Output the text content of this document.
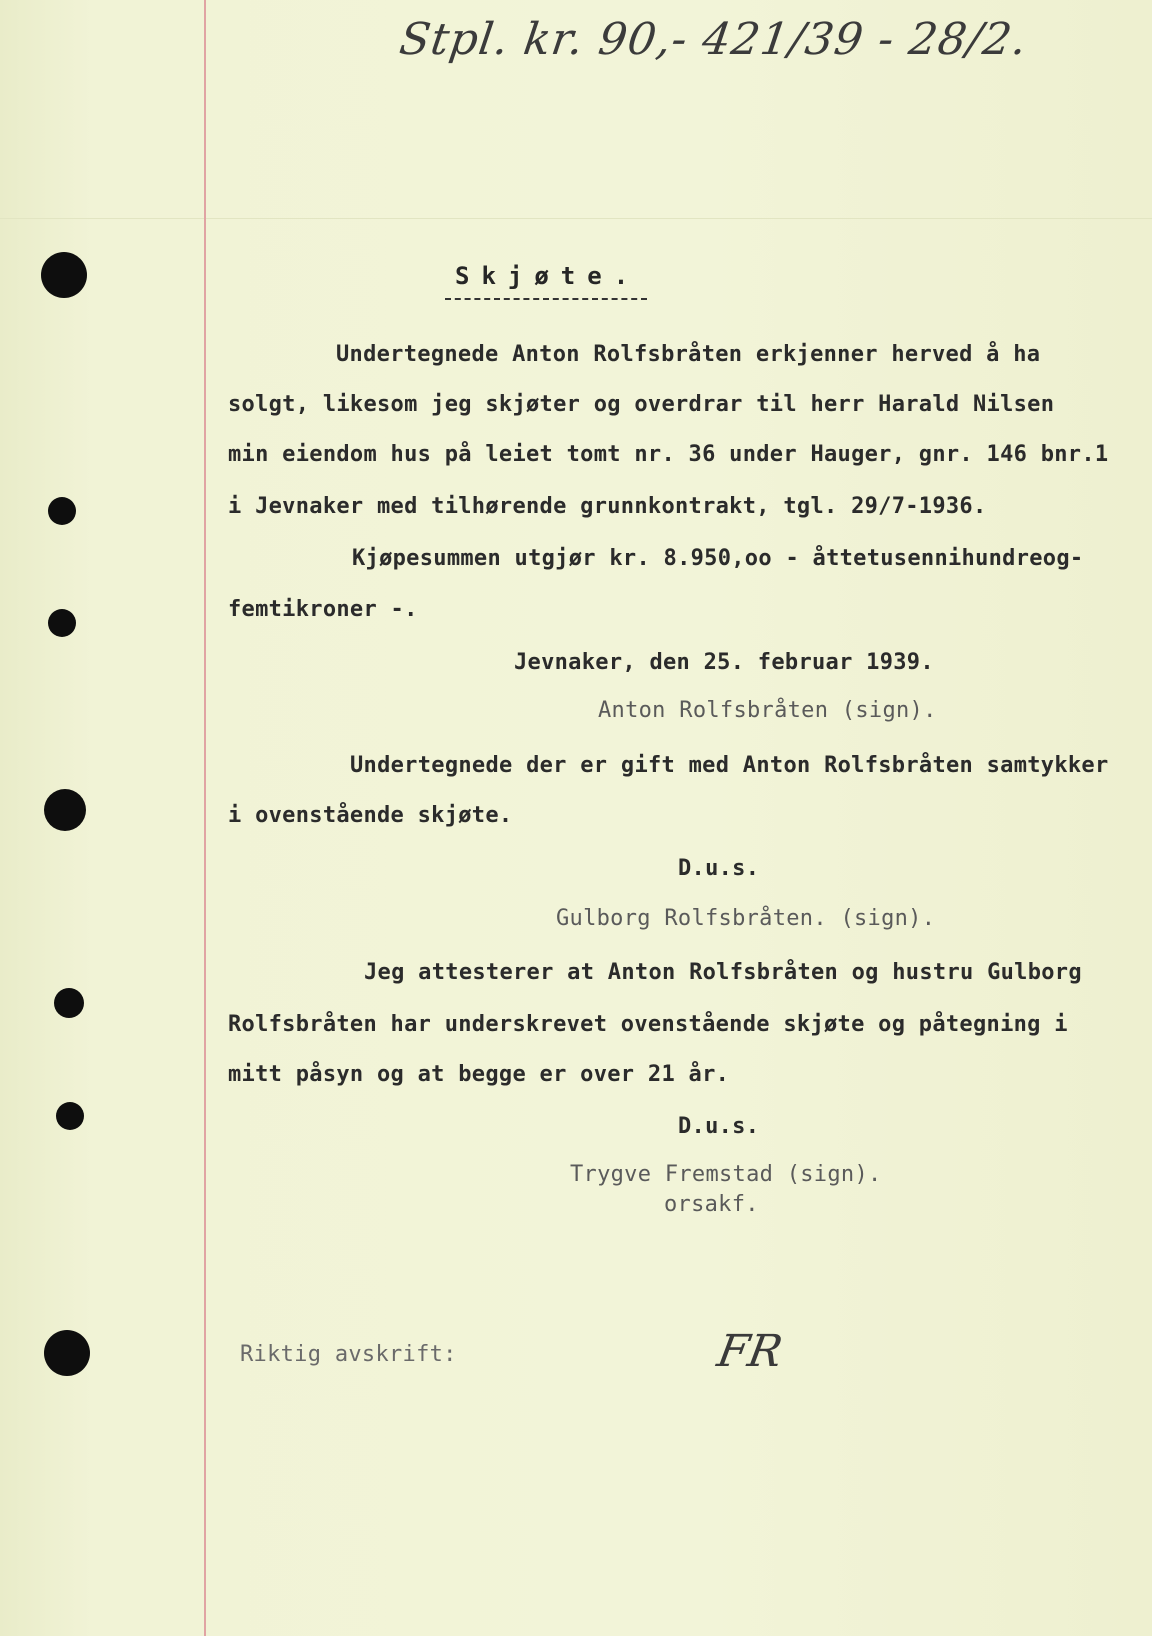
Stpl. kr. 90,- 421/39 - 28/2.
Skjøte.
Undertegnede Anton Rolfsbråten erkjenner herved å ha
solgt, likesom jeg skjøter og overdrar til herr Harald Nilsen
min eiendom hus på leiet tomt nr. 36 under Hauger, gnr. 146 bnr.1
i Jevnaker med tilhørende grunnkontrakt, tgl. 29/7-1936.
Kjøpesummen utgjør kr. 8.950,oo - åttetusennihundreog-
femtikroner -.
Jevnaker, den 25. februar 1939.
Anton Rolfsbråten (sign).
Undertegnede der er gift med Anton Rolfsbråten samtykker
i ovenstående skjøte.
D.u.s.
Gulborg Rolfsbråten. (sign).
Jeg attesterer at Anton Rolfsbråten og hustru Gulborg
Rolfsbråten har underskrevet ovenstående skjøte og påtegning i
mitt påsyn og at begge er over 21 år.
D.u.s.
Trygve Fremstad (sign).
orsakf.
Riktig avskrift:	FR
